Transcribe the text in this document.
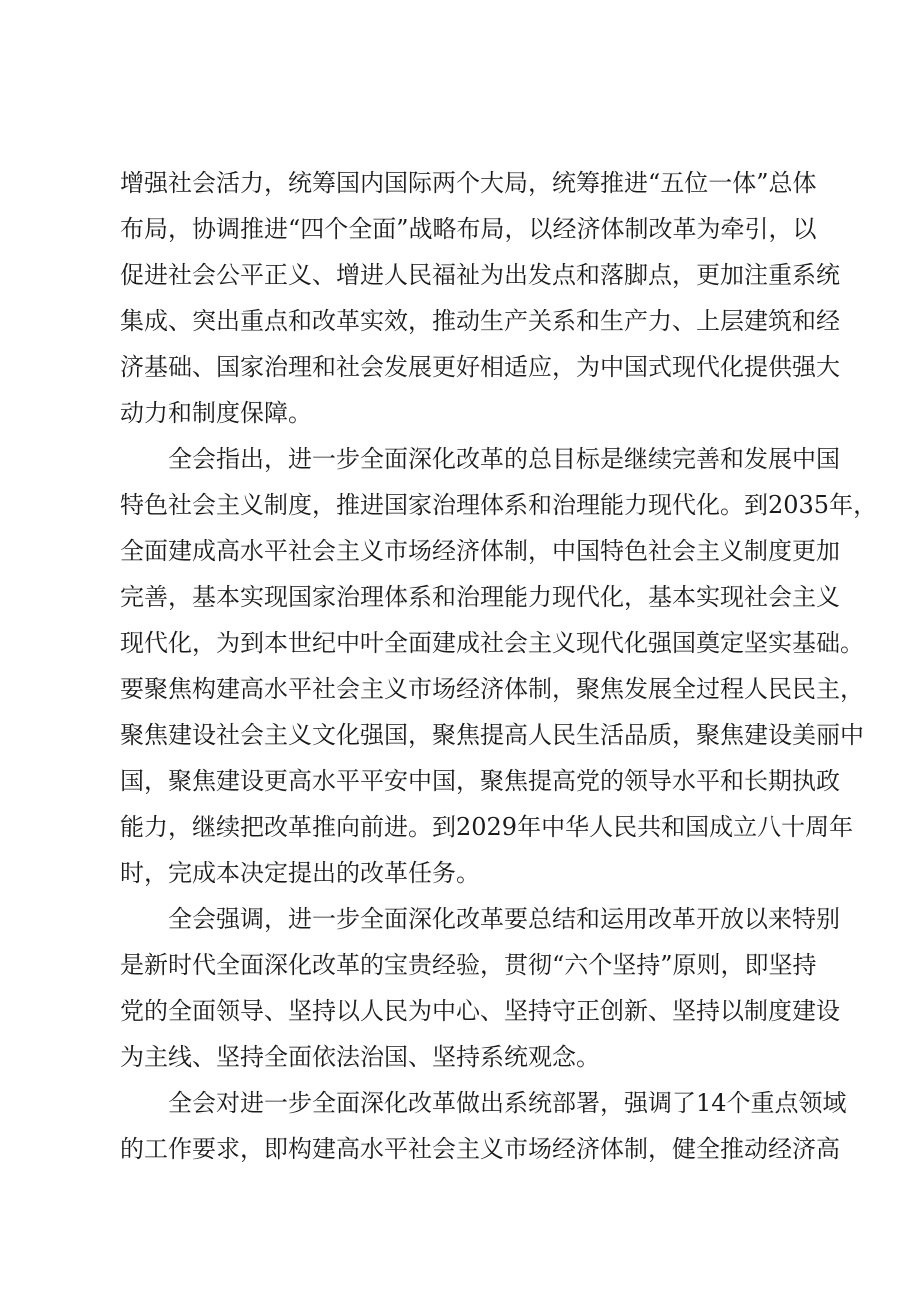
增强社会活力，统筹国内国际两个大局，统筹推进“五位一体”总体
布局，协调推进“四个全面”战略布局，以经济体制改革为牵引，以
促进社会公平正义、增进人民福祉为出发点和落脚点，更加注重系统
集成、突出重点和改革实效，推动生产关系和生产力、上层建筑和经
济基础、国家治理和社会发展更好相适应，为中国式现代化提供强大
动力和制度保障。
全会指出，进一步全面深化改革的总目标是继续完善和发展中国
特色社会主义制度，推进国家治理体系和治理能力现代化。到2035年，
全面建成高水平社会主义市场经济体制，中国特色社会主义制度更加
完善，基本实现国家治理体系和治理能力现代化，基本实现社会主义
现代化，为到本世纪中叶全面建成社会主义现代化强国奠定坚实基础。
要聚焦构建高水平社会主义市场经济体制，聚焦发展全过程人民民主，
聚焦建设社会主义文化强国，聚焦提高人民生活品质，聚焦建设美丽中
国，聚焦建设更高水平平安中国，聚焦提高党的领导水平和长期执政
能力，继续把改革推向前进。到2029年中华人民共和国成立八十周年
时，完成本决定提出的改革任务。
全会强调，进一步全面深化改革要总结和运用改革开放以来特别
是新时代全面深化改革的宝贵经验，贯彻“六个坚持”原则，即坚持
党的全面领导、坚持以人民为中心、坚持守正创新、坚持以制度建设
为主线、坚持全面依法治国、坚持系统观念。
全会对进一步全面深化改革做出系统部署，强调了14个重点领域
的工作要求，即构建高水平社会主义市场经济体制，健全推动经济高
